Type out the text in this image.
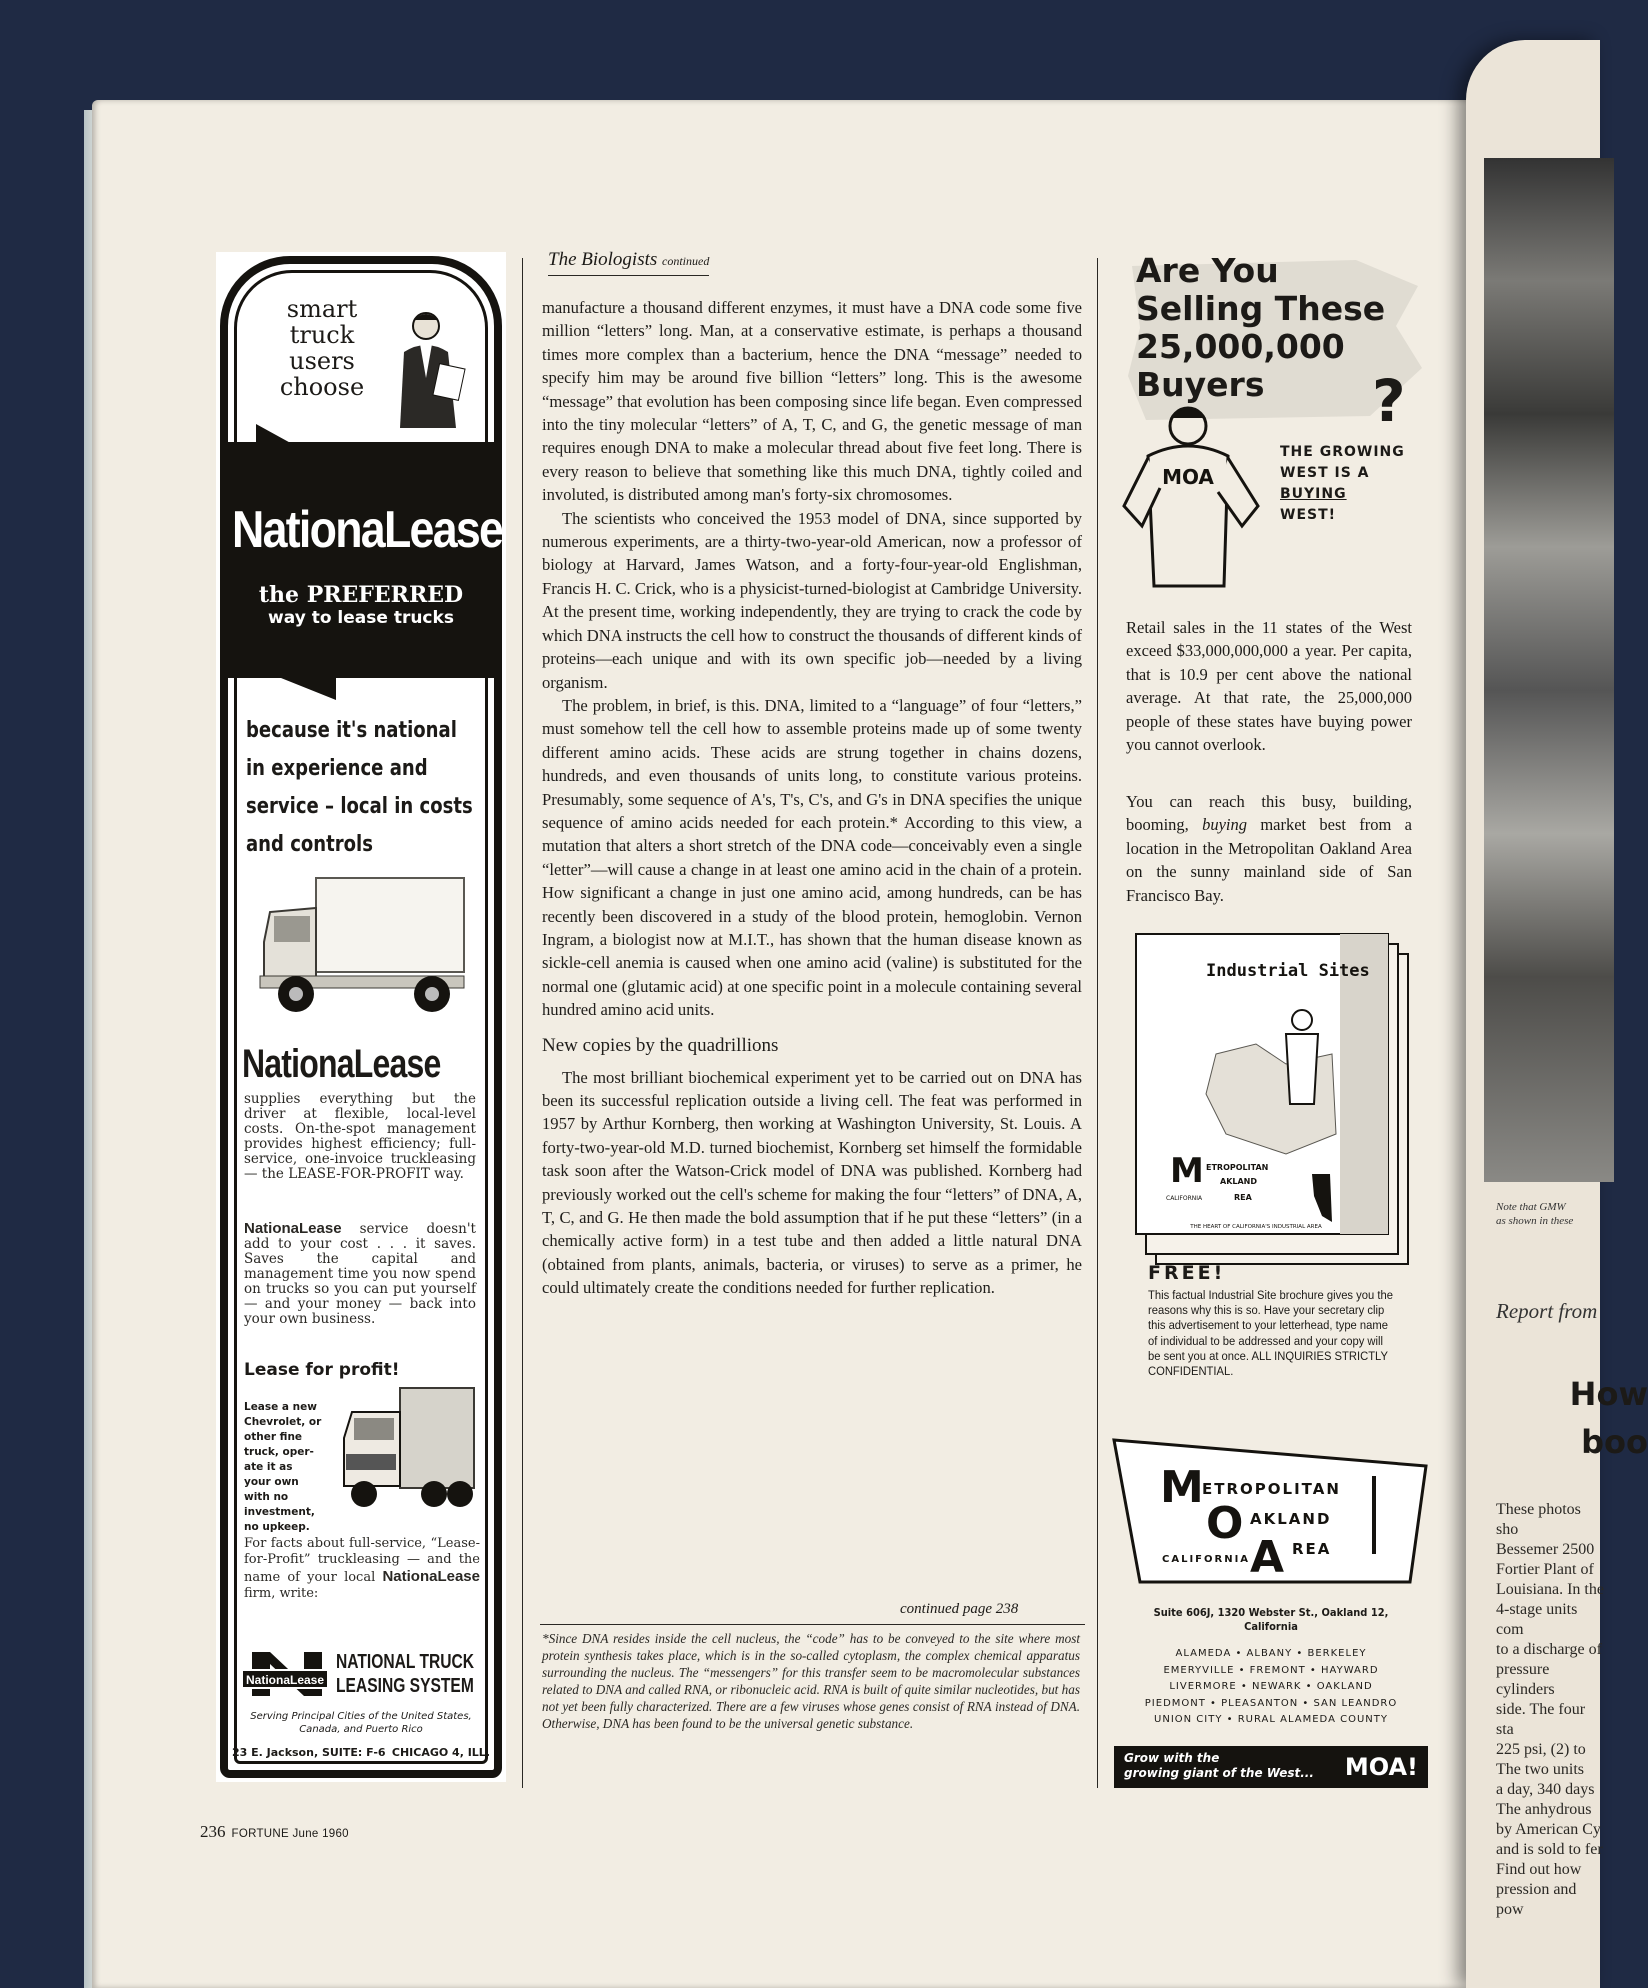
smart
truck
users
choose
NationaLease
the PREFERRED
way to lease trucks
because it's national
in experience and
service – local in costs
and controls
NationaLease
supplies everything but the driver at flexible, local-level costs. On-the-spot management provides highest efficiency; full-service, one-invoice truckleasing — the LEASE-FOR-PROFIT way.
NationaLease service doesn't add to your cost . . . it saves. Saves the capital and management time you now spend on trucks so you can put yourself — and your money — back into your own business.
Lease for profit!
Lease a new
Chevrolet, or
other fine
truck, oper-
ate it as
your own
with no
investment,
no upkeep.
For facts about full-service, “Lease-for-Profit” truckleasing — and the name of your local NationaLease firm, write:
NationaLease
NATIONAL TRUCK
LEASING SYSTEM
Serving Principal Cities of the United States, Canada, and Puerto Rico
23 E. Jackson, SUITE: F-6 CHICAGO 4, ILL.
The Biologists continued

manufacture a thousand different enzymes, it must have a DNA code some five million “letters” long. Man, at a conservative estimate, is perhaps a thousand times more complex than a bacterium, hence the DNA “message” needed to specify him may be around five billion “letters” long. This is the awesome “message” that evolution has been composing since life began. Even compressed into the tiny molecular “letters” of A, T, C, and G, the genetic message of man requires enough DNA to make a molecular thread about five feet long. There is every reason to believe that something like this much DNA, tightly coiled and involuted, is distributed among man's forty-six chromosomes.

The scientists who conceived the 1953 model of DNA, since supported by numerous experiments, are a thirty-two-year-old American, now a professor of biology at Harvard, James Watson, and a forty-four-year-old Englishman, Francis H. C. Crick, who is a physicist-turned-biologist at Cambridge University. At the present time, working independently, they are trying to crack the code by which DNA instructs the cell how to construct the thousands of different kinds of proteins—each unique and with its own specific job—needed by a living organism.

The problem, in brief, is this. DNA, limited to a “language” of four “letters,” must somehow tell the cell how to assemble proteins made up of some twenty different amino acids. These acids are strung together in chains dozens, hundreds, and even thousands of units long, to constitute various proteins. Presumably, some sequence of A's, T's, C's, and G's in DNA specifies the unique sequence of amino acids needed for each protein.* According to this view, a mutation that alters a short stretch of the DNA code—conceivably even a single “letter”—will cause a change in at least one amino acid in the chain of a protein. How significant a change in just one amino acid, among hundreds, can be has recently been discovered in a study of the blood protein, hemoglobin. Vernon Ingram, a biologist now at M.I.T., has shown that the human disease known as sickle-cell anemia is caused when one amino acid (valine) is substituted for the normal one (glutamic acid) at one specific point in a molecule containing several hundred amino acid units.

New copies by the quadrillions

The most brilliant biochemical experiment yet to be carried out on DNA has been its successful replication outside a living cell. The feat was performed in 1957 by Arthur Kornberg, then working at Washington University, St. Louis. A forty-two-year-old M.D. turned biochemist, Kornberg set himself the formidable task soon after the Watson-Crick model of DNA was published. Kornberg had previously worked out the cell's scheme for making the four “letters” of DNA, A, T, C, and G. He then made the bold assumption that if he put these “letters” (in a chemically active form) in a test tube and then added a little natural DNA (obtained from plants, animals, bacteria, or viruses) to serve as a primer, he could ultimately create the conditions needed for further replication.

continued page 238
*Since DNA resides inside the cell nucleus, the “code” has to be conveyed to the site where most protein synthesis takes place, which is in the so-called cytoplasm, the complex chemical apparatus surrounding the nucleus. The “messengers” for this transfer seem to be macromolecular substances related to DNA and called RNA, or ribonucleic acid. RNA is built of quite similar nucleotides, but has not yet been fully characterized. There are a few viruses whose genes consist of RNA instead of DNA. Otherwise, DNA has been found to be the universal genetic substance.
236 FORTUNE June 1960
Are You
Selling These
25,000,000
Buyers	?
MOA
THE GROWING
WEST IS A
BUYING
WEST!
Retail sales in the 11 states of the West exceed $33,000,000,000 a year. Per capita, that is 10.9 per cent above the national average. At that rate, the 25,000,000 people of these states have buying power you cannot overlook.
You can reach this busy, building, booming, buying market best from a location in the Metropolitan Oakland Area on the sunny mainland side of San Francisco Bay.
Industrial Sites
M ETROPOLITAN
AKLAND
REA
CALIFORNIA
THE HEART OF CALIFORNIA'S INDUSTRIAL AREA
FREE!
This factual Industrial Site brochure gives you the reasons why this is so. Have your secretary clip this advertisement to your letterhead, type name of individual to be addressed and your copy will be sent you at once. ALL INQUIRIES STRICTLY CONFIDENTIAL.
M
ETROPOLITAN
O AKLAND
A REA
CALIFORNIA
Suite 606J, 1320 Webster St., Oakland 12, California
ALAMEDA • ALBANY • BERKELEY
EMERYVILLE • FREMONT • HAYWARD
LIVERMORE • NEWARK • OAKLAND
PIEDMONT • PLEASANTON • SAN LEANDRO
UNION CITY • RURAL ALAMEDA COUNTY
Grow with the
growing giant of the West... MOA!
Note that GMW
as shown in these
Report from
How
boo
These photos sho
Bessemer 2500
Fortier Plant of
Louisiana. In the
4-stage units com
to a discharge of
pressure cylinders
side. The four sta
225 psi, (2) to
The two units
a day, 340 days
The anhydrous
by American Cy
and is sold to fer
Find out how
pression and pow
